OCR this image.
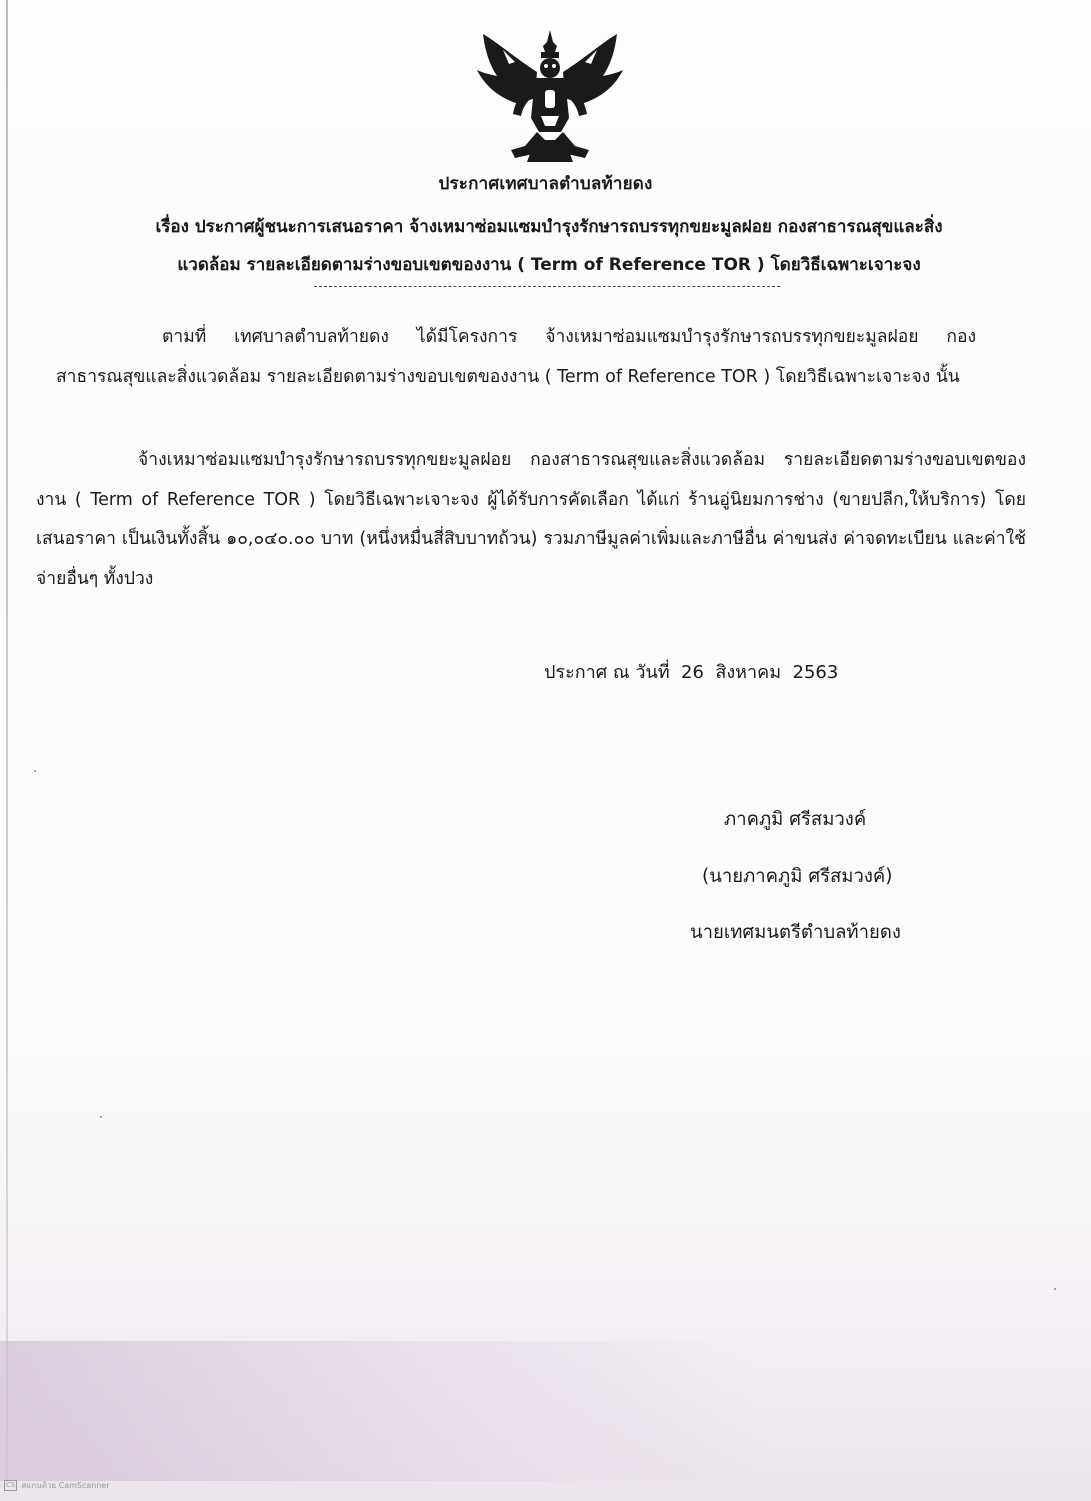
ประกาศเทศบาลตำบลท้ายดง
เรื่อง ประกาศผู้ชนะการเสนอราคา จ้างเหมาซ่อมแซมบำรุงรักษารถบรรทุกขยะมูลฝอย กองสาธารณสุขและสิ่ง
แวดล้อม รายละเอียดตามร่างขอบเขตของงาน ( Term of Reference TOR ) โดยวิธีเฉพาะเจาะจง
ตามที่ เทศบาลตำบลท้ายดง ได้มีโครงการ จ้างเหมาซ่อมแซมบำรุงรักษารถบรรทุกขยะมูลฝอย กองสาธารณสุขและสิ่งแวดล้อม รายละเอียดตามร่างขอบเขตของงาน ( Term of Reference TOR ) โดยวิธีเฉพาะเจาะจง นั้น
จ้างเหมาซ่อมแซมบำรุงรักษารถบรรทุกขยะมูลฝอย กองสาธารณสุขและสิ่งแวดล้อม รายละเอียดตามร่างขอบเขตของงาน ( Term of Reference TOR ) โดยวิธีเฉพาะเจาะจง ผู้ได้รับการคัดเลือก ได้แก่ ร้านอู่นิยมการช่าง (ขายปลีก,ให้บริการ) โดยเสนอราคา เป็นเงินทั้งสิ้น ๑๐,๐๔๐.๐๐ บาท (หนึ่งหมื่นสี่สิบบาทถ้วน) รวมภาษีมูลค่าเพิ่มและภาษีอื่น ค่าขนส่ง ค่าจดทะเบียน และค่าใช้จ่ายอื่นๆ ทั้งปวง
ประกาศ ณ วันที่  26  สิงหาคม  2563
ภาคภูมิ ศรีสมวงค์
(นายภาคภูมิ ศรีสมวงค์)
นายเทศมนตรีตำบลท้ายดง
CS สแกนด้วย CamScanner
